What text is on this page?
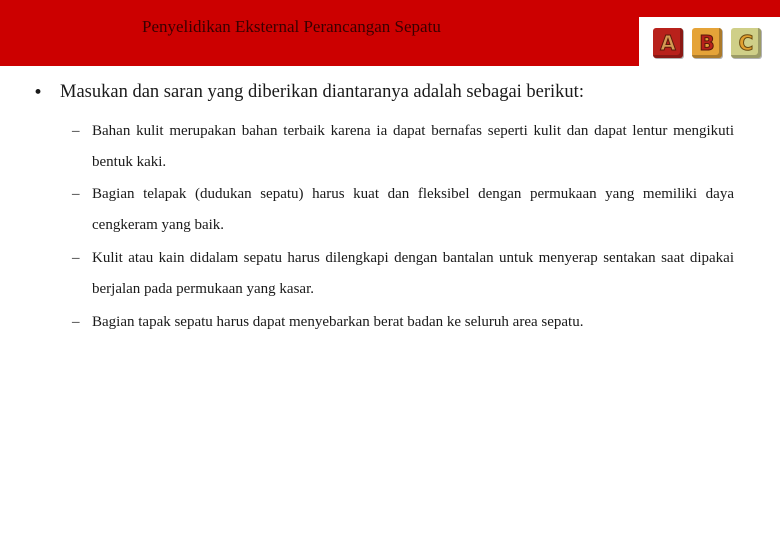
Penyelidikan Eksternal Perancangan Sepatu
A B C
• Masukan dan saran yang diberikan diantaranya adalah sebagai berikut:
– Bahan kulit merupakan bahan terbaik karena ia dapat bernafas seperti kulit dan dapat lentur mengikuti bentuk kaki.
– Bagian telapak (dudukan sepatu) harus kuat dan fleksibel dengan permukaan yang memiliki daya cengkeram yang baik.
– Kulit atau kain didalam sepatu harus dilengkapi dengan bantalan untuk menyerap sentakan saat dipakai berjalan pada permukaan yang kasar.
– Bagian tapak sepatu harus dapat menyebarkan berat badan ke seluruh area sepatu.
